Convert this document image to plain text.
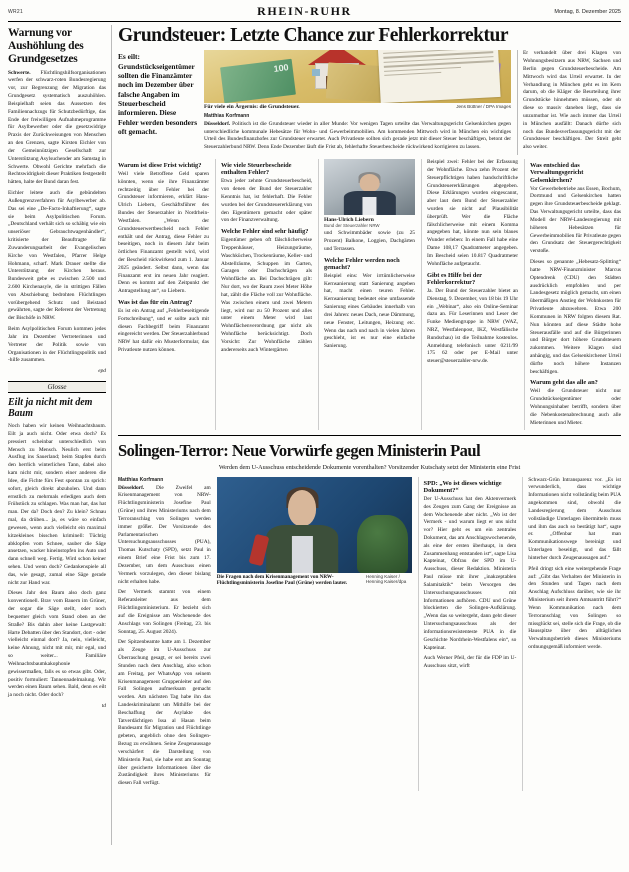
WR21	RHEIN-RUHR	Montag, 8. Dezember 2025
Warnung vor Aushöhlung des Grundgesetzes

Schwerte. Flüchtlingshilfsorganisationen werfen der schwarz-roten Bundesregierung vor, zur Begrenzung der Migration das Grundgesetz systematisch auszuhöhlen. Beispielhaft seien das Aussetzen des Familiennachzugs für Schutzbedürftige, das Ende der freiwilligen Aufnahmeprogramme für Asylbewerber oder die gesetzwidrige Praxis der Zurückweisungen von Menschen an den Grenzen, sagte Kirsten Eichler von der Gemeinnützigen Gesellschaft zur Unterstützung Asylsuchender am Samstag in Schwerte. Obwohl Gerichte mehrfach die Rechtswidrigkeit dieser Praktiken festgestellt hätten, halte der Bund daran fest.

Eichler leitete auch die gebündelten Außengrenzverfahren für Asylbewerber ab. Das sei eine „De-Facto-Inhaftierung“, sagte sie beim Asylpolitischen Forum. „Deutschland verhält sich so schäbig wie ein unseriöser Gebrauchtwagenhändler“, kritisierte der Beauftragte für Zuwanderungsarbeit der Evangelischen Kirche von Westfalen, Pfarrer Helge Hohmann, scharf. Mark Drauer stellte die Unterstützung der Kirchen heraus. Bundesweit gebe es zwischen 2.500 und 2.600 Kirchenasyle, die in strittigen Fällen von Abschiebung bedrohten Flüchtlingen vorübergehend Schutz und Beistand gewährten, sagte der Referent der Vertretung der Bischöfe in NRW.

Beim Asylpolitischen Forum kommen jedes Jahr im Dezember Vertreterinnen und Vertreter der Politik sowie von Organisationen in der Flüchtlingspolitik und -hilfe zusammen.

epd

Glosse
Eilt ja nicht mit dem Baum

Noch haben wir keinen Weihnachtsbaum. Eilt ja auch nicht. Oder etwa doch? Es pressiert scheinbar unterschiedlich von Mensch zu Mensch. Neulich erst beim Ausflug ins Sauerland; beim Stapfen durch den herrlich winterlichen Tann, dabei also kam nicht mir, sondern einer anderen die Idee, die Fichte fürs Fest spontan zu sprich: sofort, gleich direkt abzuholen. Und dann ernstlich zu mehrmals erledigen auch dem Frühstück zu schlagen. Was man hat, das hat man. Der da? Doch den? Zu klein? Schnau mal, da drüben... ja, es wäre so einfach gewesen, wenn auch vielleicht ein maximal kitzekleines bisschen kriminell: Tüchtig abklopfen vom Schnee, sauber die Säge ansetzen, wacker hineinstopfen ins Auto und dann schnell weg. Fertig. Wird schon keiner sehen. Und wenn doch? Gedankenspiele all das, wie gesagt, zumal eine Säge gerade nicht zur Hand war.

Dieses Jahr den Baum also doch ganz konventionell. Brav vom Bauern im Grüner, der sogar die Säge stellt, oder noch bequemer gleich vom Stand oben an der Straße? Bis dahin aber keine Lastgewalt: Harte Debatten über den Standort, dort - oder vielleicht einmal dort? Ja, nein, vielleicht, keine Ahnung, nicht mit mir, mir egal, und so weiter... Familiäre Weihnachtsbaumkakophonie gewissermaßen, falls es so etwas gibt. Oder, positiv formuliert: Tannennadelmalung. Wir werden einen Baum sehen. Bald, denn es eilt ja noch nicht. Oder doch?

td

Grundsteuer: Letzte Chance zur Fehlerkorrektur
Es eilt: Grundstückseigentümer sollten die Finanzämter noch im Dezember über falsche Angaben im Steuerbescheid informieren. Diese Fehler werden besonders oft gemacht.
100
Für viele ein Ärgernis: die Grundsteuer.	Jens Büttner / DPA Images
Matthias Korfmann

Düsseldorf. Politisch ist die Grundsteuer wieder in aller Munde: Vor wenigen Tagen urteilte das Verwaltungsgericht Gelsenkirchen gegen unterschiedliche kommunale Hebesätze für Wohn- und Gewerbeimmobilien. Am kommenden Mittwoch wird in München ein wichtiges Urteil des Bundesfinanzhofes zur Grundsteuer erwartet. Auch Privatleute sollten sich gerade jetzt mit dieser Steuer beschäftigen, betont der Steuerzahlerbund NRW. Denn Ende Dezember läuft die Frist ab, fehlerhafte Steuerbescheide rückwirkend korrigieren zu lassen.

Er verhandelt über drei Klagen von Wohnungsbesitzern aus NRW, Sachsen und Berlin gegen Grundsteuerbescheide. Am Mittwoch wird das Urteil erwartet. In der Verhandlung in München geht es im Kern darum, ob die Kläger die Beurteilung ihrer Grundstücke hinnehmen müssen, oder ob diese so massiv daneben liegt, dass sie unzumutbar ist. Wie auch immer das Urteil in München ausfällt: Danach dürfte sich noch das Bundesverfassungsgericht mit der Grundsteuer beschäftigen. Der Streit geht also weiter.

Warum ist diese Frist wichtig?

Weil viele Betroffene Geld sparen könnten, wenn sie ihre Finanzämter rechtzeitig über Fehler bei der Grundsteuer informieren, erklärt Hans-Ulrich Liebern, Geschäftsführer des Bundes der Steuerzahler in Nordrhein-Westfalen. „Wenn der Grundsteuerwertbescheid noch Fehler enthält und der Antrag, diese Fehler zu beseitigen, noch in diesem Jahr beim örtlichen Finanzamt gestellt wird, wird der Bescheid rückwirkend zum 1. Januar 2025 geändert. Selbst dann, wenn das Finanzamt erst im neuen Jahr reagiert. Denn es kommt auf den Zeitpunkt der Antragstellung an“, so Liebern.

Was ist das für ein Antrag?

Es ist ein Antrag auf „Fehlerbeseitigende Fortschreibung“, und er sollte auch mit diesen Fachbegriff beim Finanzamt eingereicht werden. Der Steuerzahlerbund NRW hat dafür ein Musterformular, das Privatleute nutzen können.

Wie viele Steuerbescheide enthalten Fehler?

Etwa jeder zehnte Grundsteuerbescheid, von denen der Bund der Steuerzahler Kenntnis hat, ist fehlerhaft. Die Fehler wurden bei der Grundsteuererklärung von den Eigentümern gemacht oder später von der Finanzverwaltung.

Welche Fehler sind sehr häufig?

Eigentümer geben oft fälschlicherweise Treppenhäuser, Heizungsräume, Waschküchen, Trockenräume, Keller- und Abstellräume, Schuppen im Garten, Garagen oder Dachschrägen als Wohnfläche an. Bei Dachschrägen gilt: Nur dort, wo der Raum zwei Meter Höhe hat, zählt die Fläche voll zur Wohnfläche. Was zwischen einem und zwei Metern liegt, wird nur zu 50 Prozent und alles unter einem Meter wird laut Wohnflächenverordnung gar nicht als Wohnfläche berücksichtigt. Doch Vorsicht: Zur Wohnfläche zählen andererseits auch Wintergärten

Hans-Ulrich Liebern
Bund der Steuerzahler NRW

und Schwimmbäder sowie (zu 25 Prozent) Balkone, Loggien, Dachgärten und Terrassen.

Welche Fehler werden noch gemacht?

Beispiel eins: Wer irrtümlicherweise Kernsanierung statt Sanierung angeben hat, macht einen teuren Fehler. Kernsanierung bedeutet eine umfassende Sanierung eines Gebäudes innerhalb von drei Jahren: neues Dach, neue Dämmung, neue Fenster, Leitungen, Heizung etc. Wenn das nach und nach in vielen Jahren geschieht, ist es nur eine einfache Sanierung.

Beispiel zwei: Fehler bei der Erfassung der Wohnfläche. Etwa zehn Prozent der Steuerpflichtigen haben handschriftliche Grundsteuererklärungen abgegeben. Diese Erklärungen wurden eingescannt, aber laut dem Bund der Steuerzahler wurden sie nicht auf Plausibilität überprüft. Wer die Fläche fälschlicherweise mit einem Komma angegeben hat, könnte nun sein blaues Wunder erleben: In einem Fall habe eine Dame 108,17 Quadratmeter angegeben. Im Bescheid seien 10.817 Quadratmeter Wohnfläche aufgetaucht.

Gibt es Hilfe bei der Fehlerkorrektur?

Ja. Der Bund der Steuerzahler bietet an Dienstag, 9. Dezember, von 18 bis 19 Uhr ein „Webinar“, also ein Online-Seminar dazu an. Für Leserinnen und Leser der Funke Mediengruppe in NRW (WAZ, NRZ, Westfalenpost, IKZ, Westfälische Rundschau) ist die Teilnahme kostenlos. Anmeldung telefonisch unter 0211/99 175 62 oder per E-Mail unter steuer@steuerzahler-nrw.de.

Was entschied das Verwaltungsgericht Gelsenkirchen?

Vor Gewerbebetriebe aus Essen, Bochum, Dortmund und Gelsenkirchen hatten gegen ihre Grundsteuerbescheide geklagt. Das Verwaltungsgericht urteilte, dass das Modell der NRW-Landesregierung mit höheren Hebesätzen für Gewerbeimmobilien für Privatleute gegen den Grundsatz der Steuergerechtigkeit verstoße.

Dieses so genannte „Hebesatz-Splitting“ hatte NRW-Finanzminister Marcus Optendrenk (CDU) den Städten ausdrücklich empfohlen und per Landesgesetz möglich gemacht, um einen übermäßigen Anstieg der Wohnkosten für Privatleute abzuwehren. Etwa 200 Kommunen in NRW folgten diesem Rat. Nun könnten auf diese Städte hohe Steuerausfälle und auf die Bürgerinnen und Bürger dort höhere Grundsteuern zukommen. Weitere Klagen sind anhängig, und das Gelsenkirchener Urteil dürfte noch höhere Instanzen beschäftigen.

Warum geht das alle an?

Weil die Grundsteuer nicht nur Grundstückseigentümer oder Wohnungsinhaber betrifft, sondern über die Nebenkostenabrechnung auch alle Mieterinnen und Mieter.

Solingen-Terror: Neue Vorwürfe gegen Ministerin Paul
Werden dem U-Ausschuss entscheidende Dokumente vorenthalten? Vorsitzender Kutschaty setzt der Ministerin eine Frist
Matthias Korfmann

Düsseldorf. Die Zweifel am Krisenmanagement von NRW-Flüchtlingsministerin Josefine Paul (Grüne) und ihres Ministeriums nach dem Terroranschlag von Solingen werden immer größer. Der Vorsitzende des Parlamentarischen Untersuchungsausschusses (PUA), Thomas Kutschaty (SPD), setzt Paul in einem Brief eine Frist bis zum 17. Dezember, um dem Ausschuss einen Vermerk vorzulegen, den dieser bislang nicht erhalten habe.

Der Vermerk stammt von einem Referatsleiter aus dem Flüchtlingsministerium. Er bezieht sich auf die Ereignisse am Wochenende des Anschlags von Solingen (Freitag, 23. bis Sonntag, 25. August 2024).

Der Spitzenbeamte hatte am 1. Dezember als Zeuge im U-Ausschuss zur Überraschung gesagt, er sei bereits zwei Stunden nach dem Anschlag, also schon am Freitag, per WhatsApp von seinem Krisenmanagement Gruppenleiter auf den Fall Solingen aufmerksam gemacht worden. Am nächsten Tag habe ihn das Landeskriminalamt um Mithilfe bei der Beschaffung der Asylakte des Tatverdächtigen Issa al Hasan beim Bundesamt für Migration und Flüchtlinge gebeten, angeblich ohne den Solingen-Bezug zu erwähnen. Seine Zeugenaussage verschärfert die Darstellung von Ministerin Paul, sie habe erst am Sonntag über gesicherte Informationen über die Zuständigkeit ihres Ministeriums für diesen Fall verfügt.

Die Fragen nach dem Krisenmanagement von NRW-Flüchtlingsministerin Josefine Paul (Grüne) werden lauter.
Henning Kaiser / Henning Kaiser/dpa
SPD: „Wo ist dieses wichtige Dokument?“

Der U-Ausschuss hat den Aktenvermerk des Zeugen zum Gang der Ereignisse an dem Wochenende aber nicht. „Wo ist der Vermerk - und warum liegt er uns nicht vor? Hier geht es um ein zentrales Dokument, das am Anschlagswochenende, als eine der ersten überhaupt, in dem Zusammenhang entstanden ist“, sagte Lisa Kapteinat, Obfrau der SPD im U-Ausschuss, dieser Redaktion. Ministerin Paul müsse mit ihrer „inakzeptablen Salamitaktik“ beim Versorgen des Untersuchungsausschusses mit Informationen aufhören. CDU und Grüne blockierten die Solingen-Aufklärung. „Wenn das so weitergeht, dann geht dieser Untersuchungsausschuss als der informationsresistenteste PUA in die Geschichte Nordrhein-Westfalens ein“, so Kapteinat.

Auch Werner Pfeil, der für die FDP im U-Ausschuss sitzt, wirft

Schwarz-Grün Intransparenz vor. „Es ist verwunderlich, dass wichtige Informationen nicht vollständig beim PUA angekommen sind, obwohl die Landesregierung dem Ausschuss vollständige Unterlagen übermitteln muss und ihm das auch so bestätigt hat“, sagte er. „Offenbar hat man Kommunikationswege bereinigt und Unterlagen beseitigt, und das fällt hinterher durch Zeugenaussagen auf.“

Pfeil dringt sich eine weitergehende Frage auf: „Gibt das Verhalten der Ministerin in den Stunden und Tagen nach dem Anschlag Aufschluss darüber, wie sie ihr Ministerium seit ihrem Amtsantritt führt?“ Wenn Kommunikation nach dem Terroranschlag von Solingen so missglückt sei, stelle sich die Frage, ob die Hausspitze über den alltäglichen Verwaltungsbetrieb dieses Ministeriums ordnungsgemäß informiert werde.
